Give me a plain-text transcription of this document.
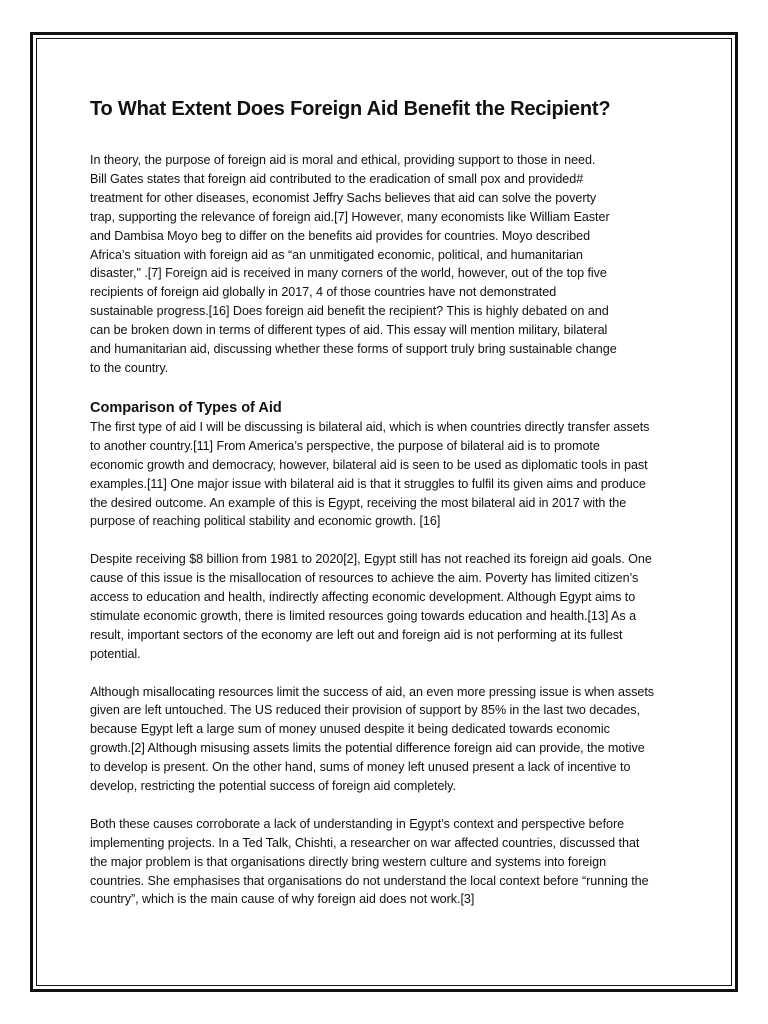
To What Extent Does Foreign Aid Benefit the Recipient?

In theory, the purpose of foreign aid is moral and ethical, providing support to those in need.
Bill Gates states that foreign aid contributed to the eradication of small pox and provided#
treatment for other diseases, economist Jeffry Sachs believes that aid can solve the poverty
trap, supporting the relevance of foreign aid.[7] However, many economists like William Easter
and Dambisa Moyo beg to differ on the benefits aid provides for countries. Moyo described
Africa’s situation with foreign aid as “an unmitigated economic, political, and humanitarian
disaster," .[7] Foreign aid is received in many corners of the world, however, out of the top five
recipients of foreign aid globally in 2017, 4 of those countries have not demonstrated
sustainable progress.[16] Does foreign aid benefit the recipient? This is highly debated on and
can be broken down in terms of different types of aid. This essay will mention military, bilateral
and humanitarian aid, discussing whether these forms of support truly bring sustainable change
to the country.

Comparison of Types of Aid

The first type of aid I will be discussing is bilateral aid, which is when countries directly transfer assets
to another country.[11] From America’s perspective, the purpose of bilateral aid is to promote
economic growth and democracy, however, bilateral aid is seen to be used as diplomatic tools in past
examples.[11] One major issue with bilateral aid is that it struggles to fulfil its given aims and produce
the desired outcome. An example of this is Egypt, receiving the most bilateral aid in 2017 with the
purpose of reaching political stability and economic growth. [16]

Despite receiving $8 billion from 1981 to 2020[2], Egypt still has not reached its foreign aid goals. One
cause of this issue is the misallocation of resources to achieve the aim. Poverty has limited citizen’s
access to education and health, indirectly affecting economic development. Although Egypt aims to
stimulate economic growth, there is limited resources going towards education and health.[13] As a
result, important sectors of the economy are left out and foreign aid is not performing at its fullest
potential.

Although misallocating resources limit the success of aid, an even more pressing issue is when assets
given are left untouched. The US reduced their provision of support by 85% in the last two decades,
because Egypt left a large sum of money unused despite it being dedicated towards economic
growth.[2] Although misusing assets limits the potential difference foreign aid can provide, the motive
to develop is present. On the other hand, sums of money left unused present a lack of incentive to
develop, restricting the potential success of foreign aid completely.

Both these causes corroborate a lack of understanding in Egypt’s context and perspective before
implementing projects. In a Ted Talk, Chishti, a researcher on war affected countries, discussed that
the major problem is that organisations directly bring western culture and systems into foreign
countries. She emphasises that organisations do not understand the local context before “running the
country”, which is the main cause of why foreign aid does not work.[3]
